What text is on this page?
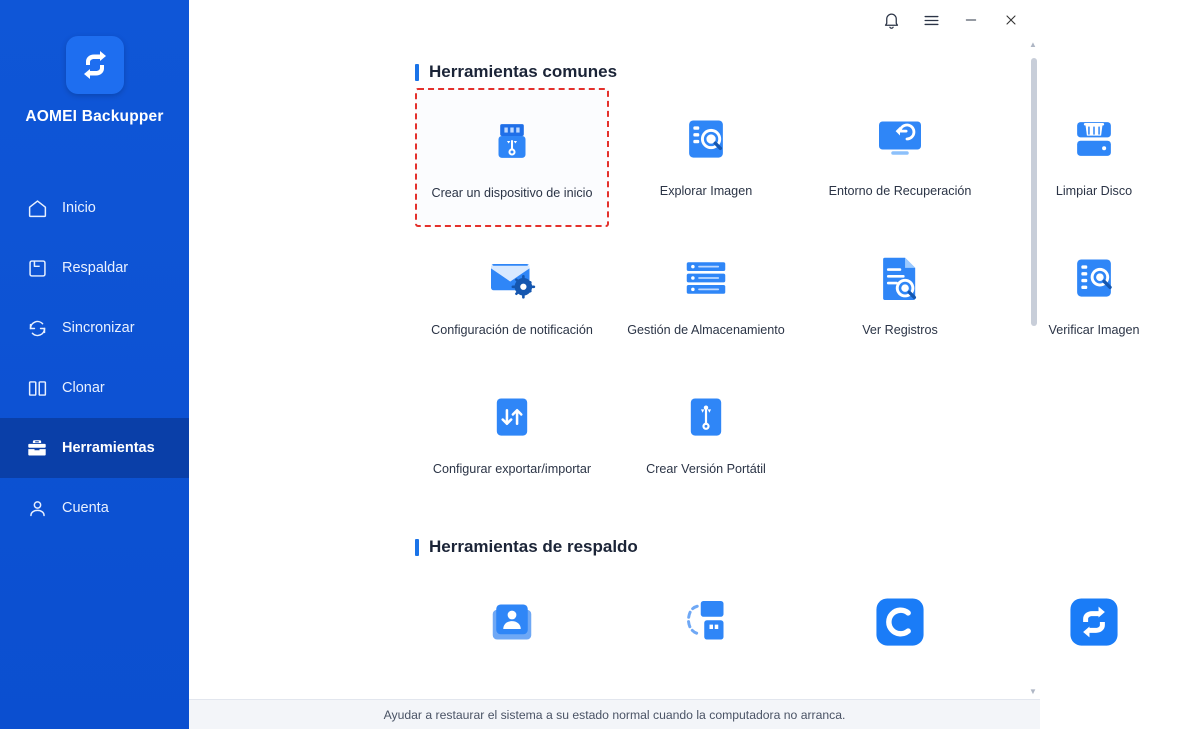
AOMEI Backupper
Inicio
Respaldar
Sincronizar
Clonar
Herramientas
Cuenta
Herramientas comunes
Crear un dispositivo de inicio	Explorar Imagen	Entorno de Recuperación	Limpiar Disco
Configuración de notificación	Gestión de Almacenamiento	Ver Registros	Verificar Imagen
Configurar exportar/importar	Crear Versión Portátil
Herramientas de respaldo
▲
▼
Ayudar a restaurar el sistema a su estado normal cuando la computadora no arranca.
